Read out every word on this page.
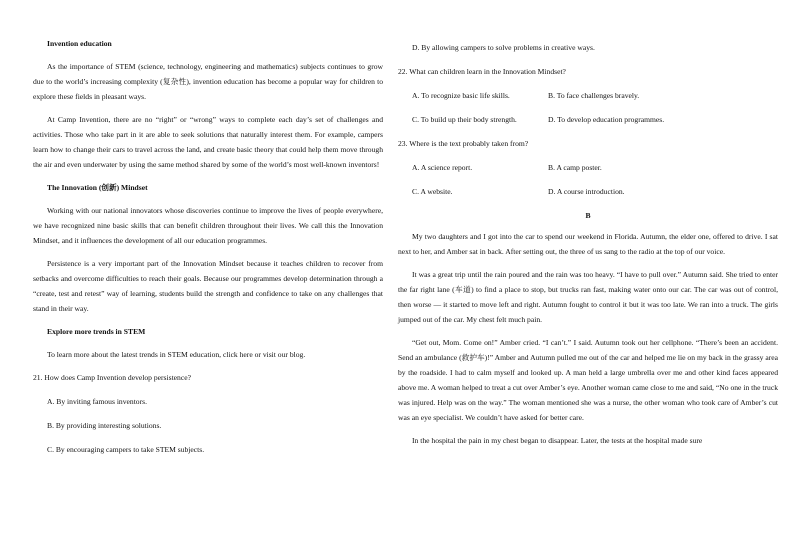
Invention education

As the importance of STEM (science, technology, engineering and mathematics) subjects continues to grow due to the world’s increasing complexity (复杂性), invention education has become a popular way for children to explore these fields in pleasant ways.

At Camp Invention, there are no “right” or “wrong” ways to complete each day’s set of challenges and activities. Those who take part in it are able to seek solutions that naturally interest them. For example, campers learn how to change their cars to travel across the land, and create basic theory that could help them move through the air and even underwater by using the same method shared by some of the world’s most well-known inventors!

The Innovation (创新) Mindset

Working with our national innovators whose discoveries continue to improve the lives of people everywhere, we have recognized nine basic skills that can benefit children throughout their lives. We call this the Innovation Mindset, and it influences the development of all our education programmes.

Persistence is a very important part of the Innovation Mindset because it teaches children to recover from setbacks and overcome difficulties to reach their goals. Because our programmes develop determination through a “create, test and retest” way of learning, students build the strength and confidence to take on any challenges that stand in their way.

Explore more trends in STEM

To learn more about the latest trends in STEM education, click here or visit our blog.

21. How does Camp Invention develop persistence?

A. By inviting famous inventors.

B. By providing interesting solutions.

C. By encouraging campers to take STEM subjects.

D. By allowing campers to solve problems in creative ways.

22. What can children learn in the Innovation Mindset?

A. To recognize basic life skills.	B. To face challenges bravely.
C. To build up their body strength.	D. To develop education programmes.

23. Where is the text probably taken from?

A. A science report.	B. A camp poster.
C. A website.	D. A course introduction.

B

My two daughters and I got into the car to spend our weekend in Florida. Autumn, the elder one, offered to drive. I sat next to her, and Amber sat in back. After setting out, the three of us sang to the radio at the top of our voice.

It was a great trip until the rain poured and the rain was too heavy. “I have to pull over.” Autumn said. She tried to enter the far right lane (车道) to find a place to stop, but trucks ran fast, making water onto our car. The car was out of control, then worse — it started to move left and right. Autumn fought to control it but it was too late. We ran into a truck. The girls jumped out of the car. My chest felt much pain.

“Get out, Mom. Come on!” Amber cried. “I can’t.” I said. Autumn took out her cellphone. “There’s been an accident. Send an ambulance (救护车)!” Amber and Autumn pulled me out of the car and helped me lie on my back in the grassy area by the roadside. I had to calm myself and looked up. A man held a large umbrella over me and other kind faces appeared above me. A woman helped to treat a cut over Amber’s eye. Another woman came close to me and said, “No one in the truck was injured. Help was on the way.” The woman mentioned she was a nurse, the other woman who took care of Amber’s cut was an eye specialist. We couldn’t have asked for better care.

In the hospital the pain in my chest began to disappear. Later, the tests at the hospital made sure
